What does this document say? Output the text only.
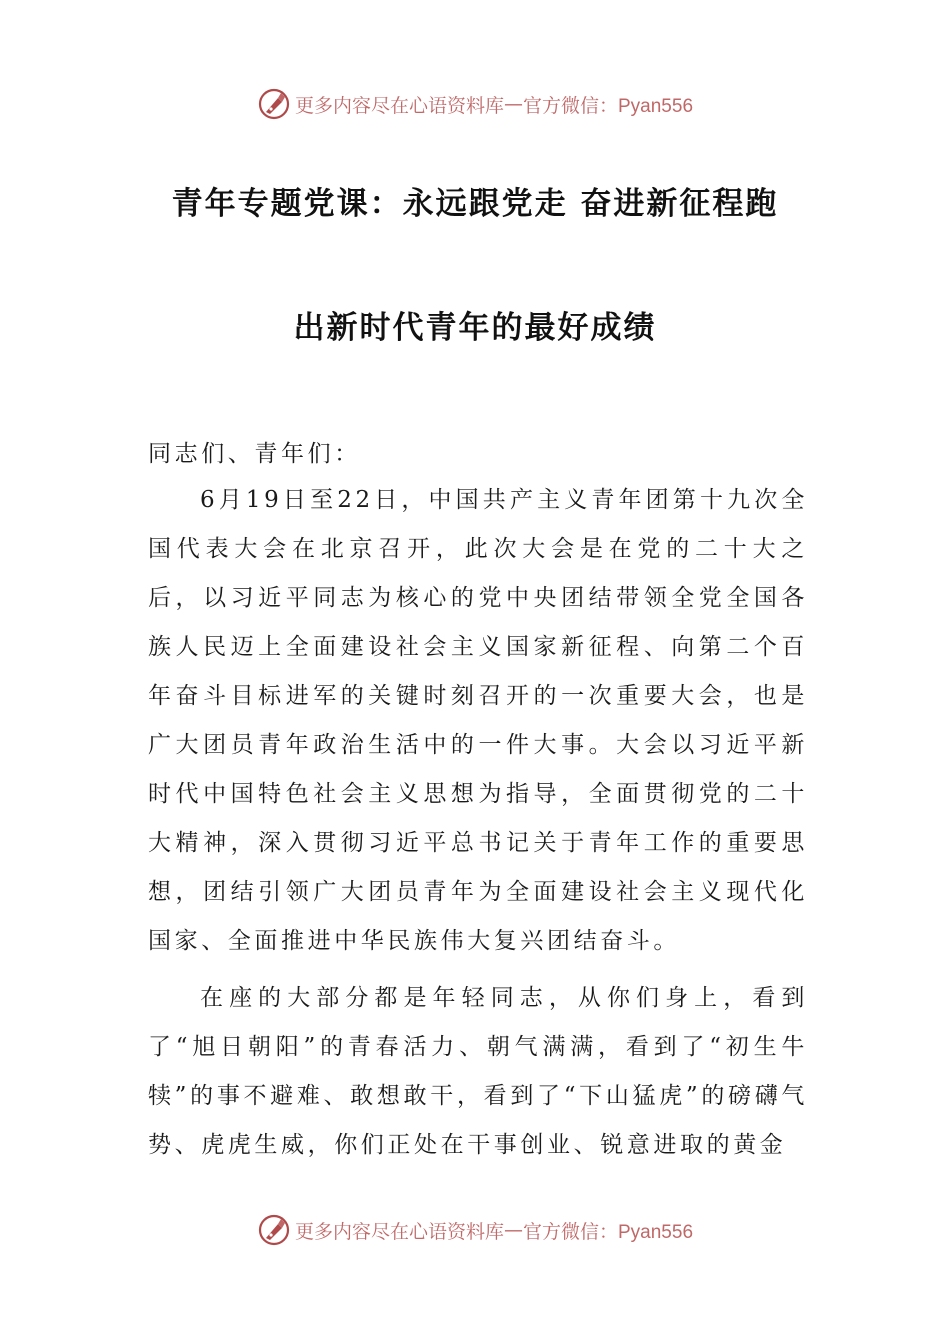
更多内容尽在心语资料库 — 官方微信：Pyan556
青年专题党课：永远跟党走 奋进新征程跑
出新时代青年的最好成绩

同志们、青年们：

6月19日至22日，中国共产主义青年团第十九次全国代表大会在北京召开，此次大会是在党的二十大之后，以习近平同志为核心的党中央团结带领全党全国各族人民迈上全面建设社会主义国家新征程、向第二个百年奋斗目标进军的关键时刻召开的一次重要大会，也是广大团员青年政治生活中的一件大事。大会以习近平新时代中国特色社会主义思想为指导，全面贯彻党的二十大精神，深入贯彻习近平总书记关于青年工作的重要思想，团结引领广大团员青年为全面建设社会主义现代化国家、全面推进中华民族伟大复兴团结奋斗。

在座的大部分都是年轻同志，从你们身上，看到了“旭日朝阳”的青春活力、朝气满满，看到了“初生牛犊”的事不避难、敢想敢干，看到了“下山猛虎”的磅礴气势、虎虎生威，你们正处在干事创业、锐意进取的黄金

更多内容尽在心语资料库 — 官方微信：Pyan556
